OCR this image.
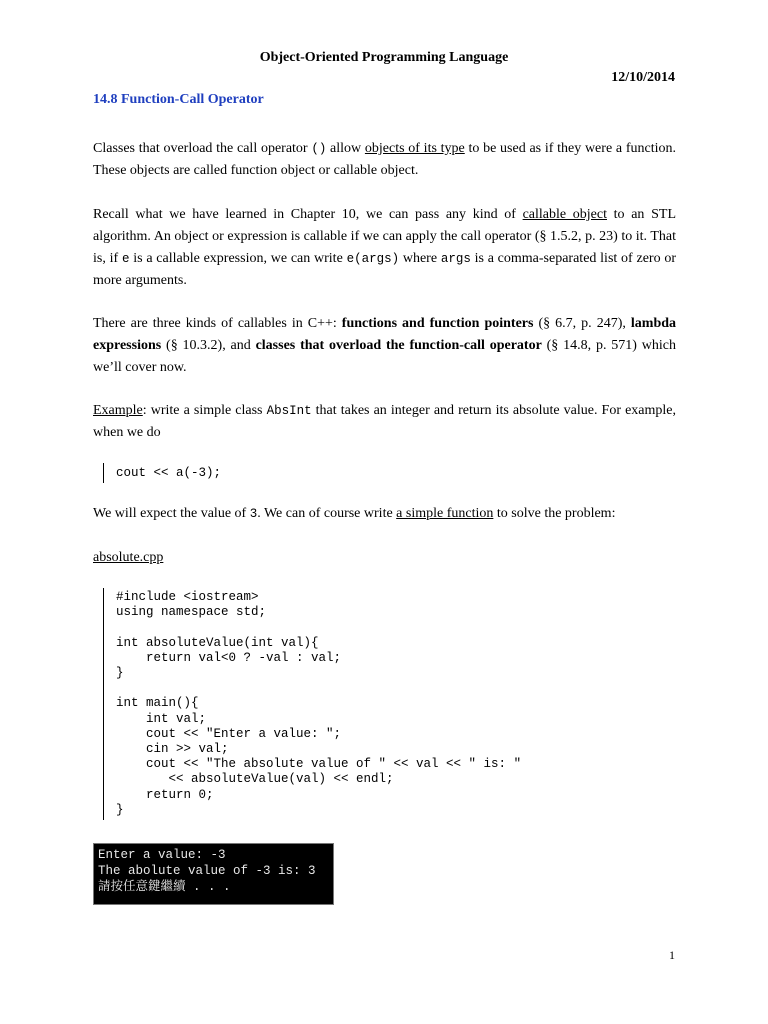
Object-Oriented Programming Language
12/10/2014
14.8 Function-Call Operator
Classes that overload the call operator () allow objects of its type to be used as if they were a function. These objects are called function object or callable object.
Recall what we have learned in Chapter 10, we can pass any kind of callable object to an STL algorithm. An object or expression is callable if we can apply the call operator (§ 1.5.2, p. 23) to it. That is, if e is a callable expression, we can write e(args) where args is a comma-separated list of zero or more arguments.
There are three kinds of callables in C++: functions and function pointers (§ 6.7, p. 247), lambda expressions (§ 10.3.2), and classes that overload the function-call operator (§ 14.8, p. 571) which we’ll cover now.
Example: write a simple class AbsInt that takes an integer and return its absolute value. For example, when we do
cout << a(-3);
We will expect the value of 3. We can of course write a simple function to solve the problem:
absolute.cpp
#include <iostream>
using namespace std;

int absoluteValue(int val){
return val<0 ? -val : val;
}

int main(){
int val;
cout << "Enter a value: ";
cin >> val;
cout << "The absolute value of " << val << " is: "
<< absoluteValue(val) << endl;
return 0;
}

Enter a value: -3
The abolute value of -3 is: 3
請按任意鍵繼續 . . .
1
